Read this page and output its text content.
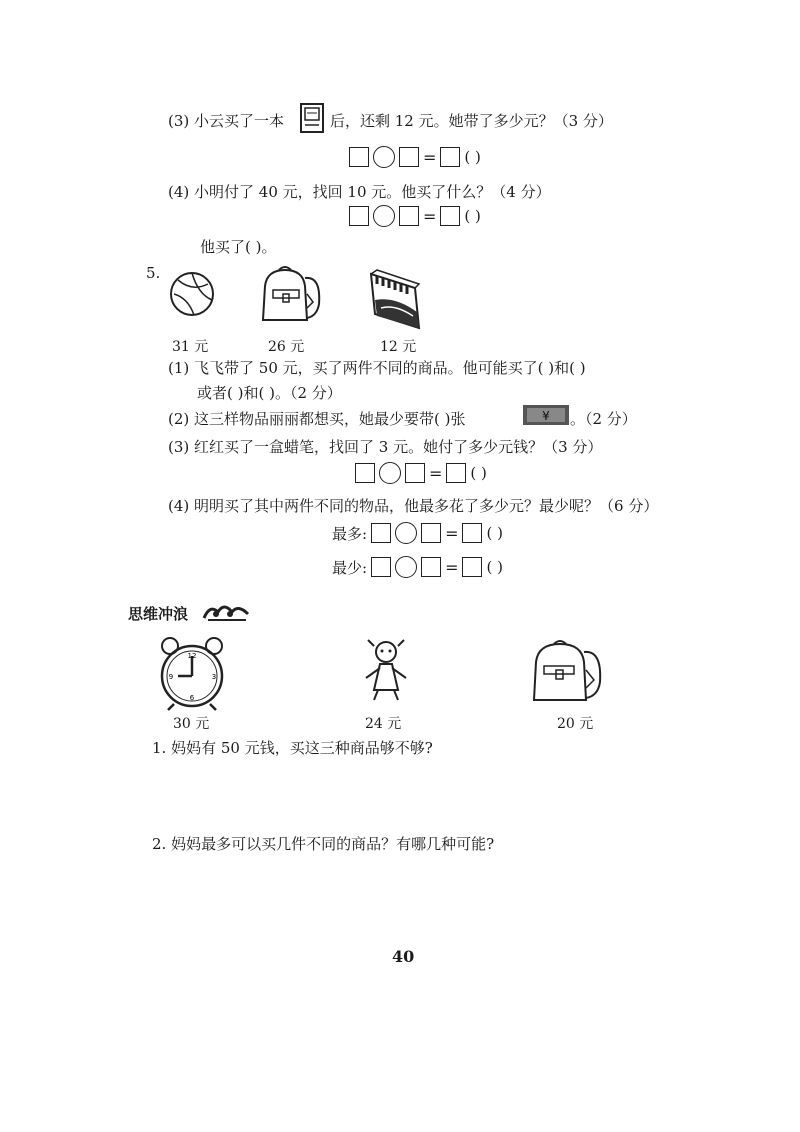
(3) 小云买了一本	后，还剩 12 元。她带了多少元？（3 分）
= ( )
(4) 小明付了 40 元，找回 10 元。他买了什么？（4 分）
= ( )
他买了( )。
5.
31 元	26 元	12 元
(1) 飞飞带了 50 元，买了两件不同的商品。他可能买了( )和( )
或者( )和( )。（2 分）
(2) 这三样物品丽丽都想买，她最少要带( )张	¥ 。（2 分）
(3) 红红买了一盒蜡笔，找回了 3 元。她付了多少元钱？（3 分）
= ( )
(4) 明明买了其中两件不同的物品，他最多花了多少元？最少呢？（6 分）
最多:	= ( )
最少:	= ( )
思维冲浪
12
3
6
9
30 元	24 元	20 元
1. 妈妈有 50 元钱，买这三种商品够不够?
2. 妈妈最多可以买几件不同的商品？有哪几种可能?
40
